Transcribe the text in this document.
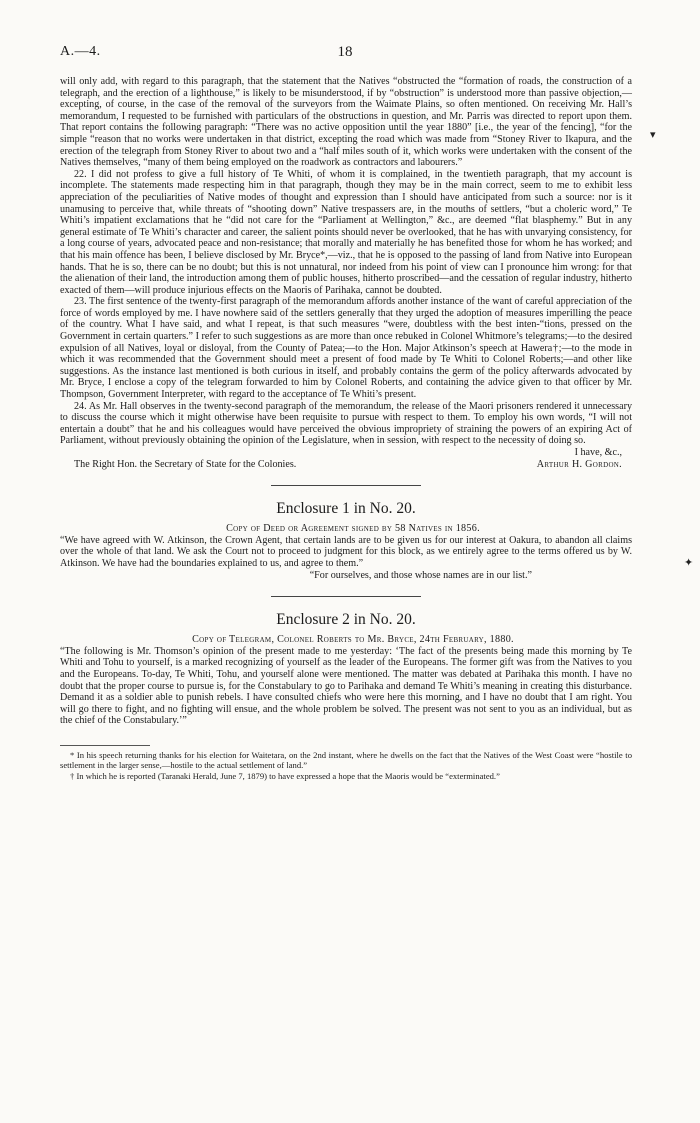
A.—4.	18
▾
✦

will only add, with regard to this paragraph, that the statement that the Natives “obstructed the “formation of roads, the construction of a telegraph, and the erection of a lighthouse,” is likely to be misunderstood, if by “obstruction” is understood more than passive objection,—excepting, of course, in the case of the removal of the surveyors from the Waimate Plains, so often mentioned. On receiving Mr. Hall’s memorandum, I requested to be furnished with particulars of the obstructions in question, and Mr. Parris was directed to report upon them. That report contains the following paragraph: “There was no active opposition until the year 1880” [i.e., the year of the fencing], “for the simple “reason that no works were undertaken in that district, excepting the road which was made from “Stoney River to Ikapura, and the erection of the telegraph from Stoney River to about two and a “half miles south of it, which works were undertaken with the consent of the Natives themselves, “many of them being employed on the roadwork as contractors and labourers.”

22. I did not profess to give a full history of Te Whiti, of whom it is complained, in the twentieth paragraph, that my account is incomplete. The statements made respecting him in that paragraph, though they may be in the main correct, seem to me to exhibit less appreciation of the peculiarities of Native modes of thought and expression than I should have anticipated from such a source: nor is it unamusing to perceive that, while threats of “shooting down” Native trespassers are, in the mouths of settlers, “but a choleric word,” Te Whiti’s impatient exclamations that he “did not care for the “Parliament at Wellington,” &c., are deemed “flat blasphemy.” But in any general estimate of Te Whiti’s character and career, the salient points should never be overlooked, that he has with unvarying consistency, for a long course of years, advocated peace and non-resistance; that morally and materially he has benefited those for whom he has worked; and that his main offence has been, I believe disclosed by Mr. Bryce*,—viz., that he is opposed to the passing of land from Native into European hands. That he is so, there can be no doubt; but this is not unnatural, nor indeed from his point of view can I pronounce him wrong: for that the alienation of their land, the introduction among them of public houses, hitherto proscribed—and the cessation of regular industry, hitherto exacted of them—will produce injurious effects on the Maoris of Parihaka, cannot be doubted.

23. The first sentence of the twenty-first paragraph of the memorandum affords another instance of the want of careful appreciation of the force of words employed by me. I have nowhere said of the settlers generally that they urged the adoption of measures imperilling the peace of the country. What I have said, and what I repeat, is that such measures “were, doubtless with the best inten-“tions, pressed on the Government in certain quarters.” I refer to such suggestions as are more than once rebuked in Colonel Whitmore’s telegrams;—to the desired expulsion of all Natives, loyal or disloyal, from the County of Patea;—to the Hon. Major Atkinson’s speech at Hawera†;—to the mode in which it was recommended that the Government should meet a present of food made by Te Whiti to Colonel Roberts;—and other like suggestions. As the instance last mentioned is both curious in itself, and probably contains the germ of the policy afterwards advocated by Mr. Bryce, I enclose a copy of the telegram forwarded to him by Colonel Roberts, and containing the advice given to that officer by Mr. Thompson, Government Interpreter, with regard to the acceptance of Te Whiti’s present.

24. As Mr. Hall observes in the twenty-second paragraph of the memorandum, the release of the Maori prisoners rendered it unnecessary to discuss the course which it might otherwise have been requisite to pursue with respect to them. To employ his own words, “I will not entertain a doubt” that he and his colleagues would have perceived the obvious impropriety of straining the powers of an expiring Act of Parliament, without previously obtaining the opinion of the Legislature, when in session, with respect to the necessity of doing so.

I have, &c.,

The Right Hon. the Secretary of State for the Colonies.	Arthur H. Gordon.
Enclosure 1 in No. 20.

Copy of Deed or Agreement signed by 58 Natives in 1856.

“We have agreed with W. Atkinson, the Crown Agent, that certain lands are to be given us for our interest at Oakura, to abandon all claims over the whole of that land. We ask the Court not to proceed to judgment for this block, as we entirely agree to the terms offered us by W. Atkinson. We have had the boundaries explained to us, and agree to them.”

“For ourselves, and those whose names are in our list.”

Enclosure 2 in No. 20.

Copy of Telegram, Colonel Roberts to Mr. Bryce, 24th February, 1880.

“The following is Mr. Thomson’s opinion of the present made to me yesterday: ‘The fact of the presents being made this morning by Te Whiti and Tohu to yourself, is a marked recognizing of yourself as the leader of the Europeans. The former gift was from the Natives to you and the Europeans. To-day, Te Whiti, Tohu, and yourself alone were mentioned. The matter was debated at Parihaka this month. I have no doubt that the proper course to pursue is, for the Constabulary to go to Parihaka and demand Te Whiti’s meaning in creating this disturbance. Demand it as a soldier able to punish rebels. I have consulted chiefs who were here this morning, and I have no doubt that I am right. You will go there to fight, and no fighting will ensue, and the whole problem be solved. The present was not sent to you as an individual, but as the chief of the Constabulary.’”

* In his speech returning thanks for his election for Waitetara, on the 2nd instant, where he dwells on the fact that the Natives of the West Coast were “hostile to settlement in the larger sense,—hostile to the actual settlement of land.”

† In which he is reported (Taranaki Herald, June 7, 1879) to have expressed a hope that the Maoris would be “exterminated.”
